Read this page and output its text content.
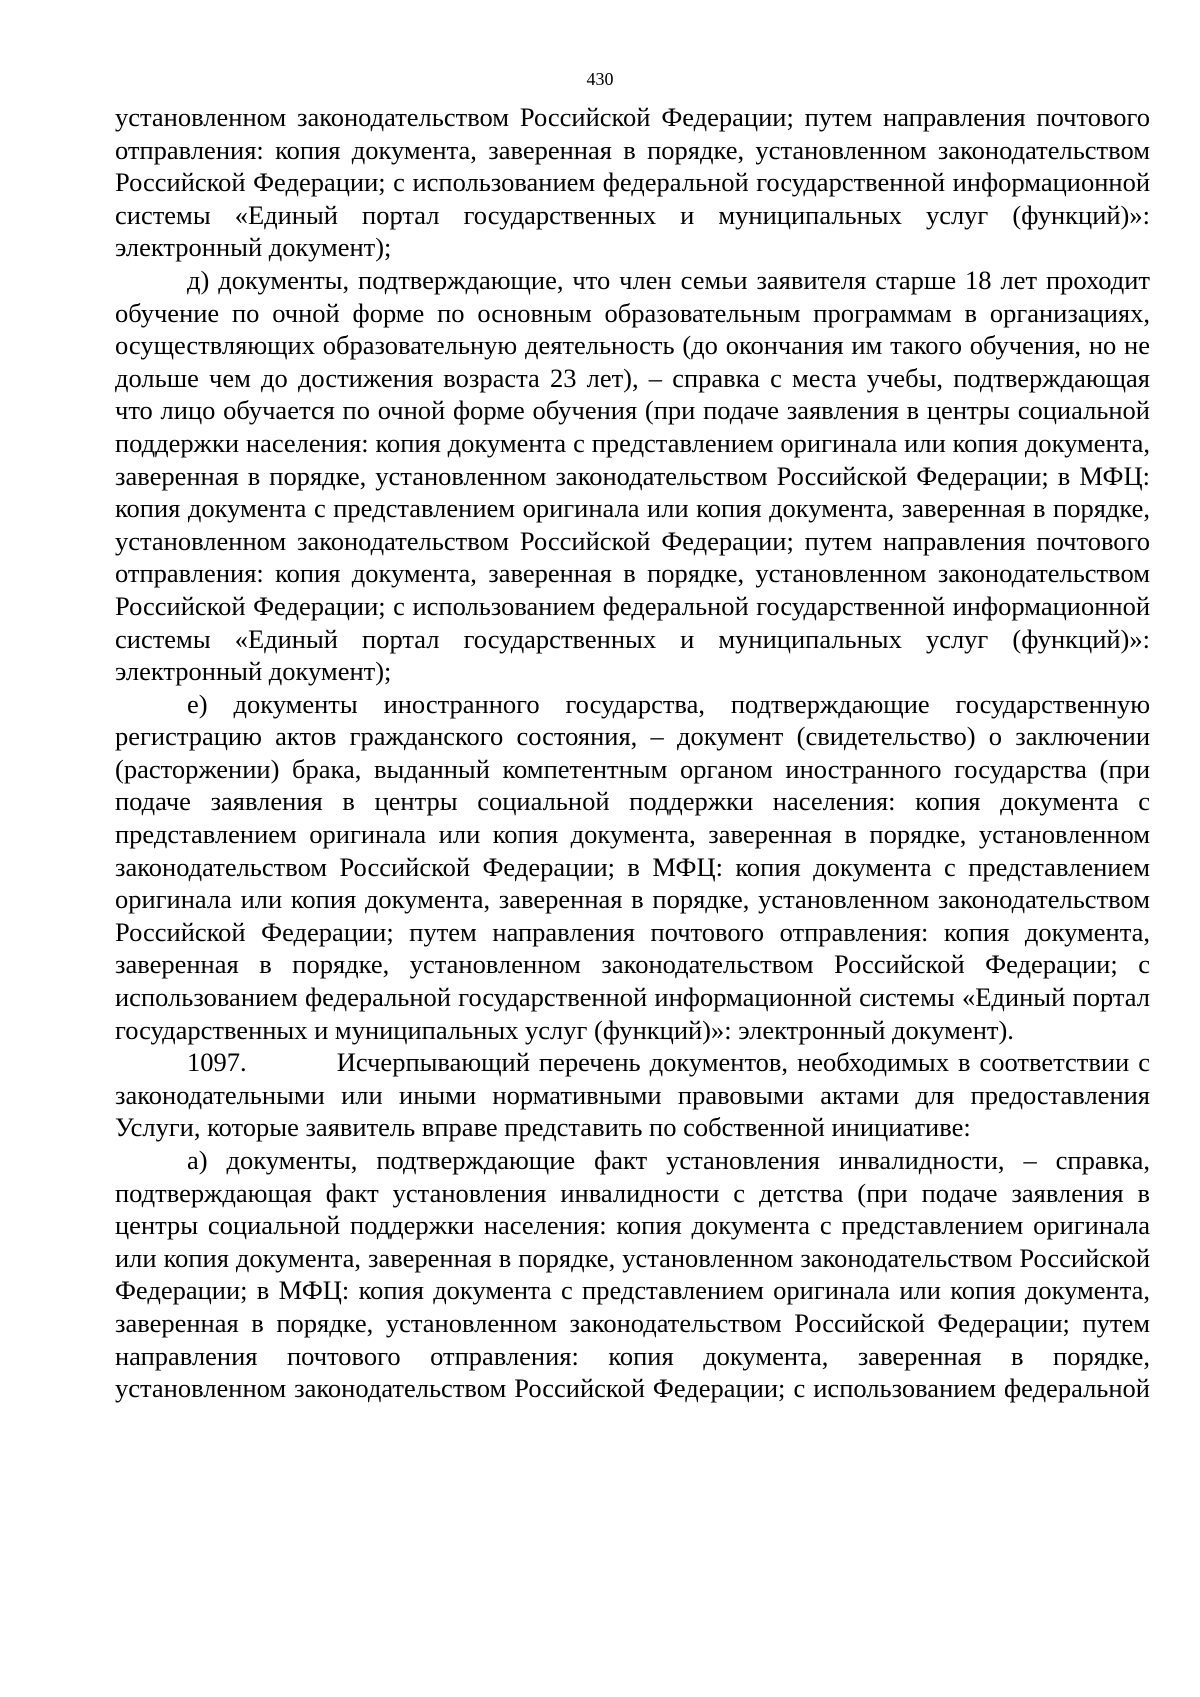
430

установленном законодательством Российской Федерации; путем направления почтового отправления: копия документа, заверенная в порядке, установленном законодательством Российской Федерации; с использованием федеральной государственной информационной системы «Единый портал государственных и муниципальных услуг (функций)»: электронный документ);

д) документы, подтверждающие, что член семьи заявителя старше 18 лет проходит обучение по очной форме по основным образовательным программам в организациях, осуществляющих образовательную деятельность (до окончания им такого обучения, но не дольше чем до достижения возраста 23 лет), – справка с места учебы, подтверждающая что лицо обучается по очной форме обучения (при подаче заявления в центры социальной поддержки населения: копия документа с представлением оригинала или копия документа, заверенная в порядке, установленном законодательством Российской Федерации; в МФЦ: копия документа с представлением оригинала или копия документа, заверенная в порядке, установленном законодательством Российской Федерации; путем направления почтового отправления: копия документа, заверенная в порядке, установленном законодательством Российской Федерации; с использованием федеральной государственной информационной системы «Единый портал государственных и муниципальных услуг (функций)»: электронный документ);

е) документы иностранного государства, подтверждающие государственную регистрацию актов гражданского состояния, – документ (свидетельство) о заключении (расторжении) брака, выданный компетентным органом иностранного государства (при подаче заявления в центры социальной поддержки населения: копия документа с представлением оригинала или копия документа, заверенная в порядке, установленном законодательством Российской Федерации; в МФЦ: копия документа с представлением оригинала или копия документа, заверенная в порядке, установленном законодательством Российской Федерации; путем направления почтового отправления: копия документа, заверенная в порядке, установленном законодательством Российской Федерации; с использованием федеральной государственной информационной системы «Единый портал государственных и муниципальных услуг (функций)»: электронный документ).

1097.          Исчерпывающий перечень документов, необходимых в соответствии с законодательными или иными нормативными правовыми актами для предоставления Услуги, которые заявитель вправе представить по собственной инициативе:

а) документы, подтверждающие факт установления инвалидности, – справка, подтверждающая факт установления инвалидности с детства (при подаче заявления в центры социальной поддержки населения: копия документа с представлением оригинала или копия документа, заверенная в порядке, установленном законодательством Российской Федерации; в МФЦ: копия документа с представлением оригинала или копия документа, заверенная в порядке, установленном законодательством Российской Федерации; путем направления почтового отправления: копия документа, заверенная в порядке, установленном законодательством Российской Федерации; с использованием федеральной
